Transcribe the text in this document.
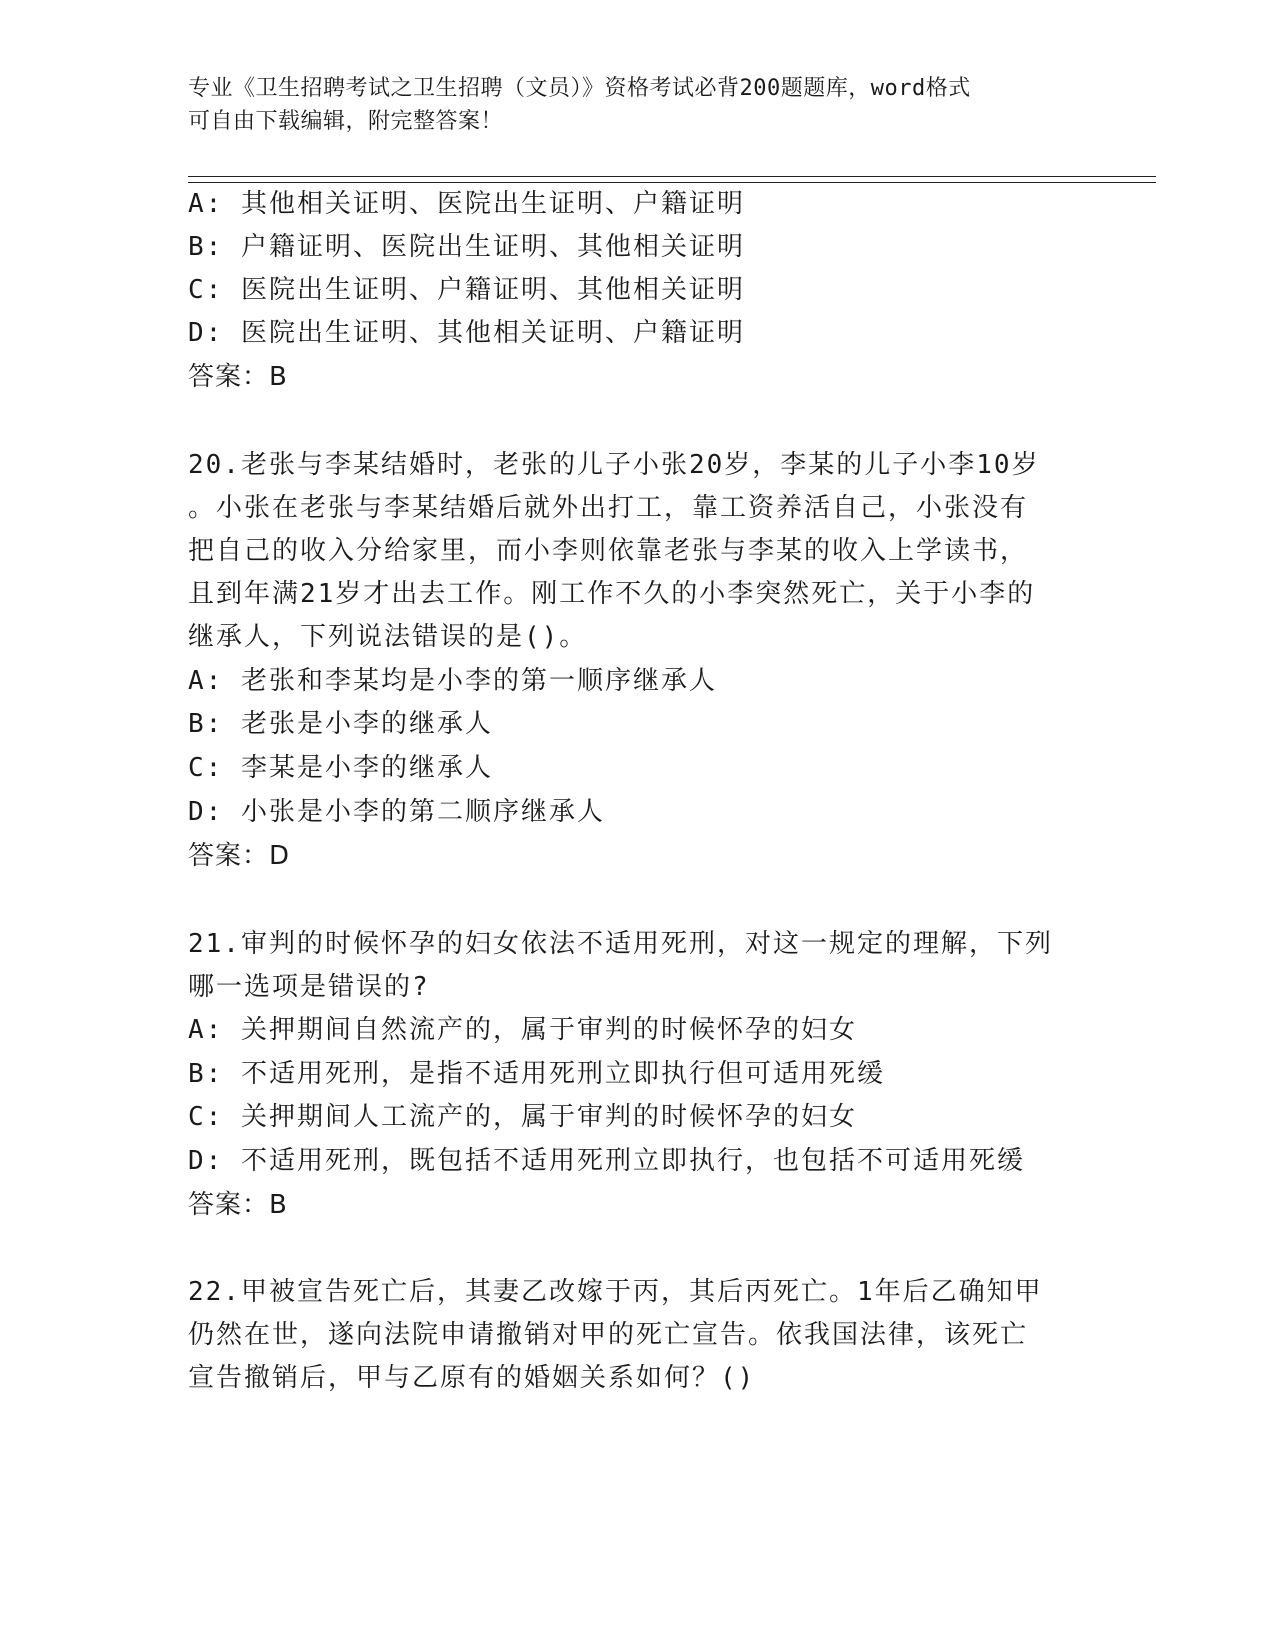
专业《卫生招聘考试之卫生招聘（文员）》资格考试必背200题题库，word格式
可自由下载编辑，附完整答案！
A: 其他相关证明、医院出生证明、户籍证明
B: 户籍证明、医院出生证明、其他相关证明
C: 医院出生证明、户籍证明、其他相关证明
D: 医院出生证明、其他相关证明、户籍证明
答案：B
20.老张与李某结婚时，老张的儿子小张20岁，李某的儿子小李10岁
。小张在老张与李某结婚后就外出打工，靠工资养活自己，小张没有
把自己的收入分给家里，而小李则依靠老张与李某的收入上学读书，
且到年满21岁才出去工作。刚工作不久的小李突然死亡，关于小李的
继承人，下列说法错误的是()。
A: 老张和李某均是小李的第一顺序继承人
B: 老张是小李的继承人
C: 李某是小李的继承人
D: 小张是小李的第二顺序继承人
答案：D
21.审判的时候怀孕的妇女依法不适用死刑，对这一规定的理解，下列
哪一选项是错误的?
A: 关押期间自然流产的，属于审判的时候怀孕的妇女
B: 不适用死刑，是指不适用死刑立即执行但可适用死缓
C: 关押期间人工流产的，属于审判的时候怀孕的妇女
D: 不适用死刑，既包括不适用死刑立即执行，也包括不可适用死缓
答案：B
22.甲被宣告死亡后，其妻乙改嫁于丙，其后丙死亡。1年后乙确知甲
仍然在世，遂向法院申请撤销对甲的死亡宣告。依我国法律，该死亡
宣告撤销后，甲与乙原有的婚姻关系如何？()
